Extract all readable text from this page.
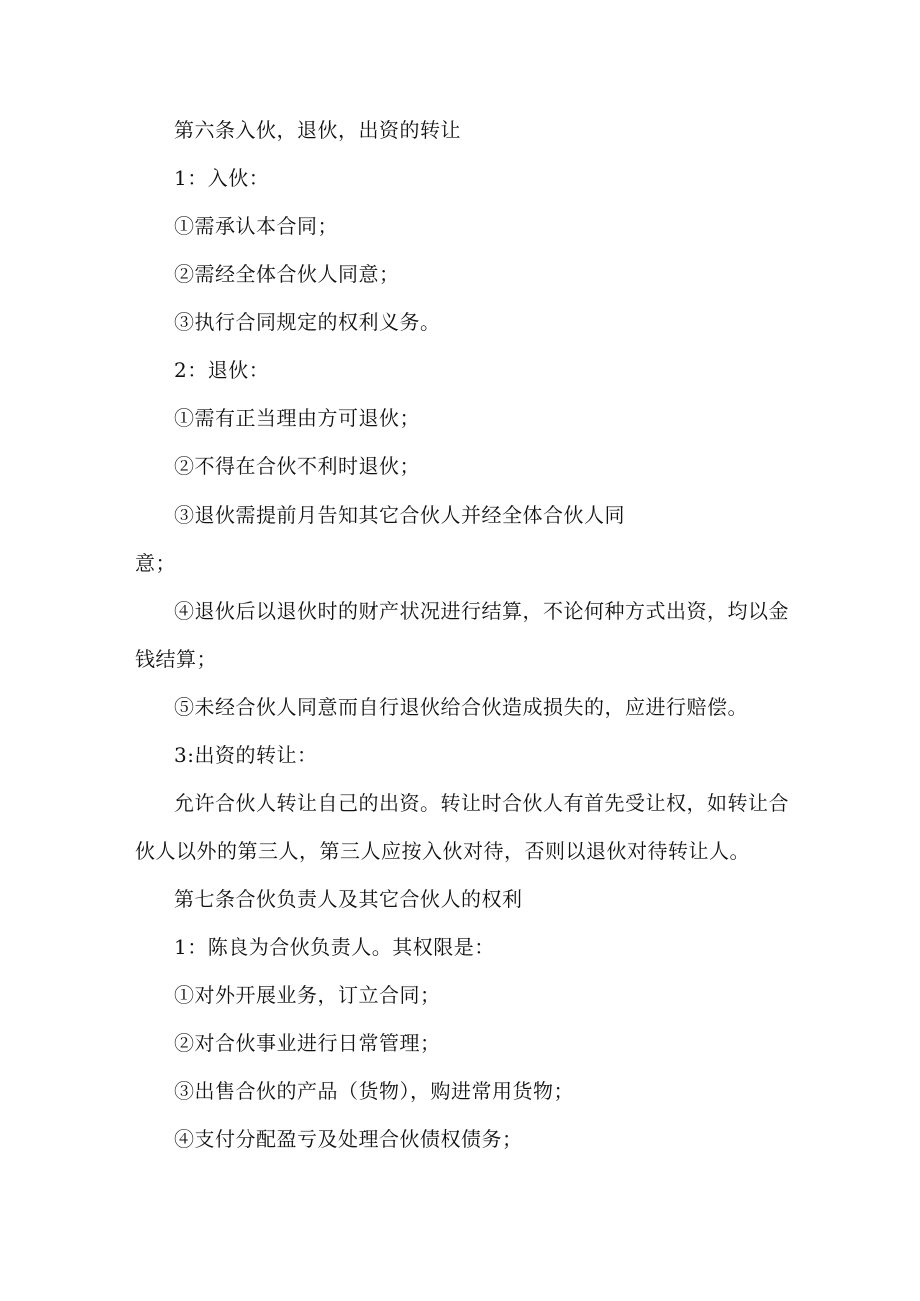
第六条入伙，退伙，出资的转让
1：入伙：
①需承认本合同；
②需经全体合伙人同意；
③执行合同规定的权利义务。
2：退伙：
①需有正当理由方可退伙；
②不得在合伙不利时退伙；
③退伙需提前月告知其它合伙人并经全体合伙人同
意；
④退伙后以退伙时的财产状况进行结算，不论何种方式出资，均以金
钱结算；
⑤未经合伙人同意而自行退伙给合伙造成损失的，应进行赔偿。
3:出资的转让：
允许合伙人转让自己的出资。转让时合伙人有首先受让权，如转让合
伙人以外的第三人，第三人应按入伙对待，否则以退伙对待转让人。
第七条合伙负责人及其它合伙人的权利
1：陈良为合伙负责人。其权限是：
①对外开展业务，订立合同；
②对合伙事业进行日常管理；
③出售合伙的产品（货物），购进常用货物；
④支付分配盈亏及处理合伙债权债务；
